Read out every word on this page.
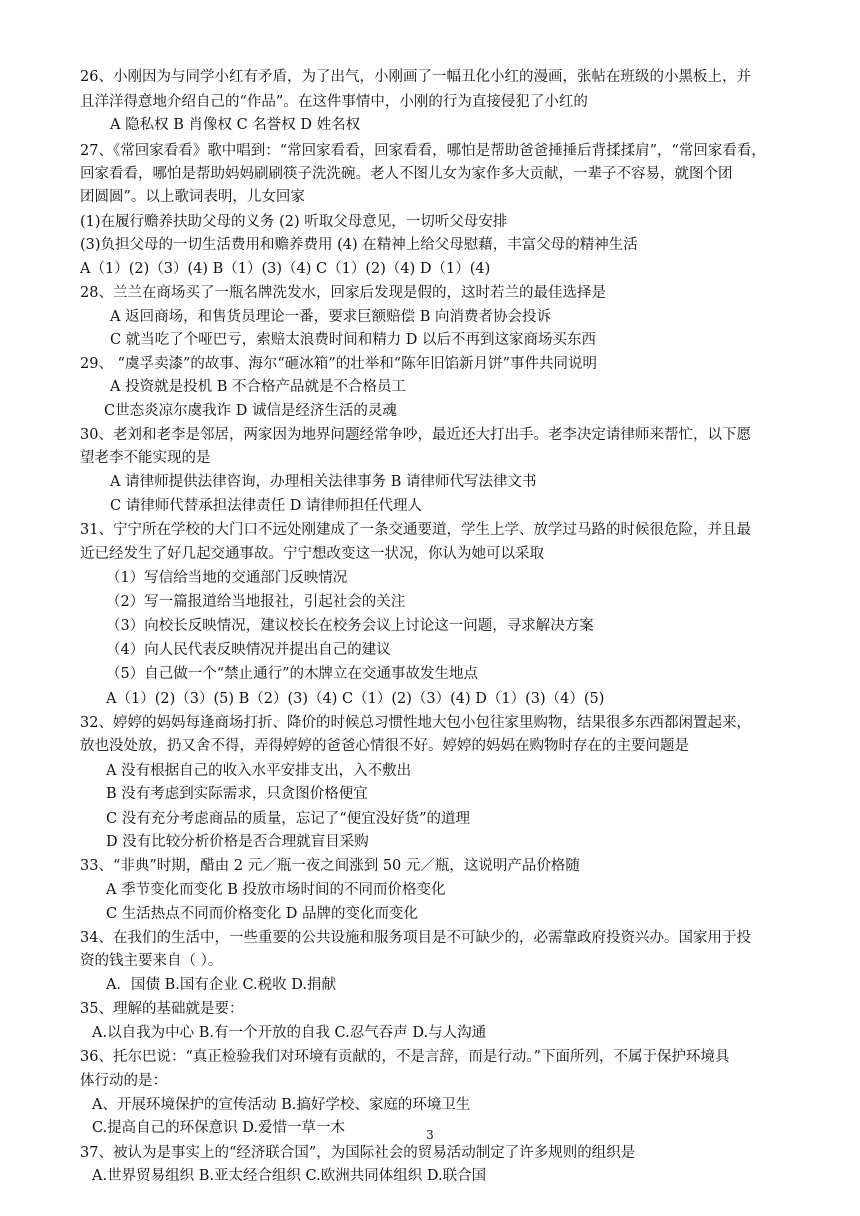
26、小刚因为与同学小红有矛盾，为了出气，小刚画了一幅丑化小红的漫画，张帖在班级的小黑板上，并
且洋洋得意地介绍自己的“作品”。在这件事情中，小刚的行为直接侵犯了小红的
A 隐私权 B 肖像权 C 名誉权 D 姓名权
27、《常回家看看》歌中唱到：“常回家看看，回家看看，哪怕是帮助爸爸捶捶后背揉揉肩”，“常回家看看，
回家看看，哪怕是帮助妈妈刷刷筷子洗洗碗。老人不图儿女为家作多大贡献，一辈子不容易，就图个团
团圆圆”。以上歌词表明，儿女回家
(1)在履行赡养扶助父母的义务 (2) 听取父母意见，一切听父母安排
(3)负担父母的一切生活费用和赡养费用 (4) 在精神上给父母慰藉，丰富父母的精神生活
A（1）(2)（3）(4) B（1）(3)（4) C（1）(2)（4) D（1）(4)
28、兰兰在商场买了一瓶名牌洗发水，回家后发现是假的，这时若兰的最佳选择是
A 返回商场，和售货员理论一番，要求巨额赔偿 B 向消费者协会投诉
C 就当吃了个哑巴亏，索赔太浪费时间和精力 D 以后不再到这家商场买东西
29、 “虞孚卖漆”的故事、海尔“砸冰箱”的壮举和“陈年旧馅新月饼”事件共同说明
A 投资就是投机 B 不合格产品就是不合格员工
C世态炎凉尔虞我诈 D 诚信是经济生活的灵魂
30、老刘和老李是邻居，两家因为地界问题经常争吵，最近还大打出手。老李决定请律师来帮忙，以下愿
望老李不能实现的是
A 请律师提供法律咨询，办理相关法律事务 B 请律师代写法律文书
C 请律师代替承担法律责任 D 请律师担任代理人
31、宁宁所在学校的大门口不远处刚建成了一条交通要道，学生上学、放学过马路的时候很危险，并且最
近已经发生了好几起交通事故。宁宁想改变这一状况，你认为她可以采取
（1）写信给当地的交通部门反映情况
（2）写一篇报道给当地报社，引起社会的关注
（3）向校长反映情况，建议校长在校务会议上讨论这一问题，寻求解决方案
（4）向人民代表反映情况并提出自己的建议
（5）自己做一个“禁止通行”的木牌立在交通事故发生地点
A（1）(2)（3）(5) B（2）(3)（4) C（1）(2)（3）(4) D（1）(3)（4）(5)
32、婷婷的妈妈每逢商场打折、降价的时候总习惯性地大包小包往家里购物，结果很多东西都闲置起来，
放也没处放，扔又舍不得，弄得婷婷的爸爸心情很不好。婷婷的妈妈在购物时存在的主要问题是
A 没有根据自己的收入水平安排支出，入不敷出
B 没有考虑到实际需求，只贪图价格便宜
C 没有充分考虑商品的质量，忘记了“便宜没好货”的道理
D 没有比较分析价格是否合理就盲目采购
33、“非典”时期，醋由 2 元／瓶一夜之间涨到 50 元／瓶，这说明产品价格随
A 季节变化而变化 B 投放市场时间的不同而价格变化
C 生活热点不同而价格变化 D 品牌的变化而变化
34、在我们的生活中，一些重要的公共设施和服务项目是不可缺少的，必需靠政府投资兴办。国家用于投
资的钱主要来自（ ）。
A．国债 B.国有企业 C.税收 D.捐献
35、理解的基础就是要：
A.以自我为中心 B.有一个开放的自我 C.忍气吞声 D.与人沟通
36、托尔巴说：“真正检验我们对环境有贡献的，不是言辞，而是行动。”下面所列，不属于保护环境具
体行动的是：
A、开展环境保护的宣传活动 B.搞好学校、家庭的环境卫生
C.提高自己的环保意识 D.爱惜一草一木
37、被认为是事实上的“经济联合国”，为国际社会的贸易活动制定了许多规则的组织是
A.世界贸易组织 B.亚太经合组织 C.欧洲共同体组织 D.联合国
3
